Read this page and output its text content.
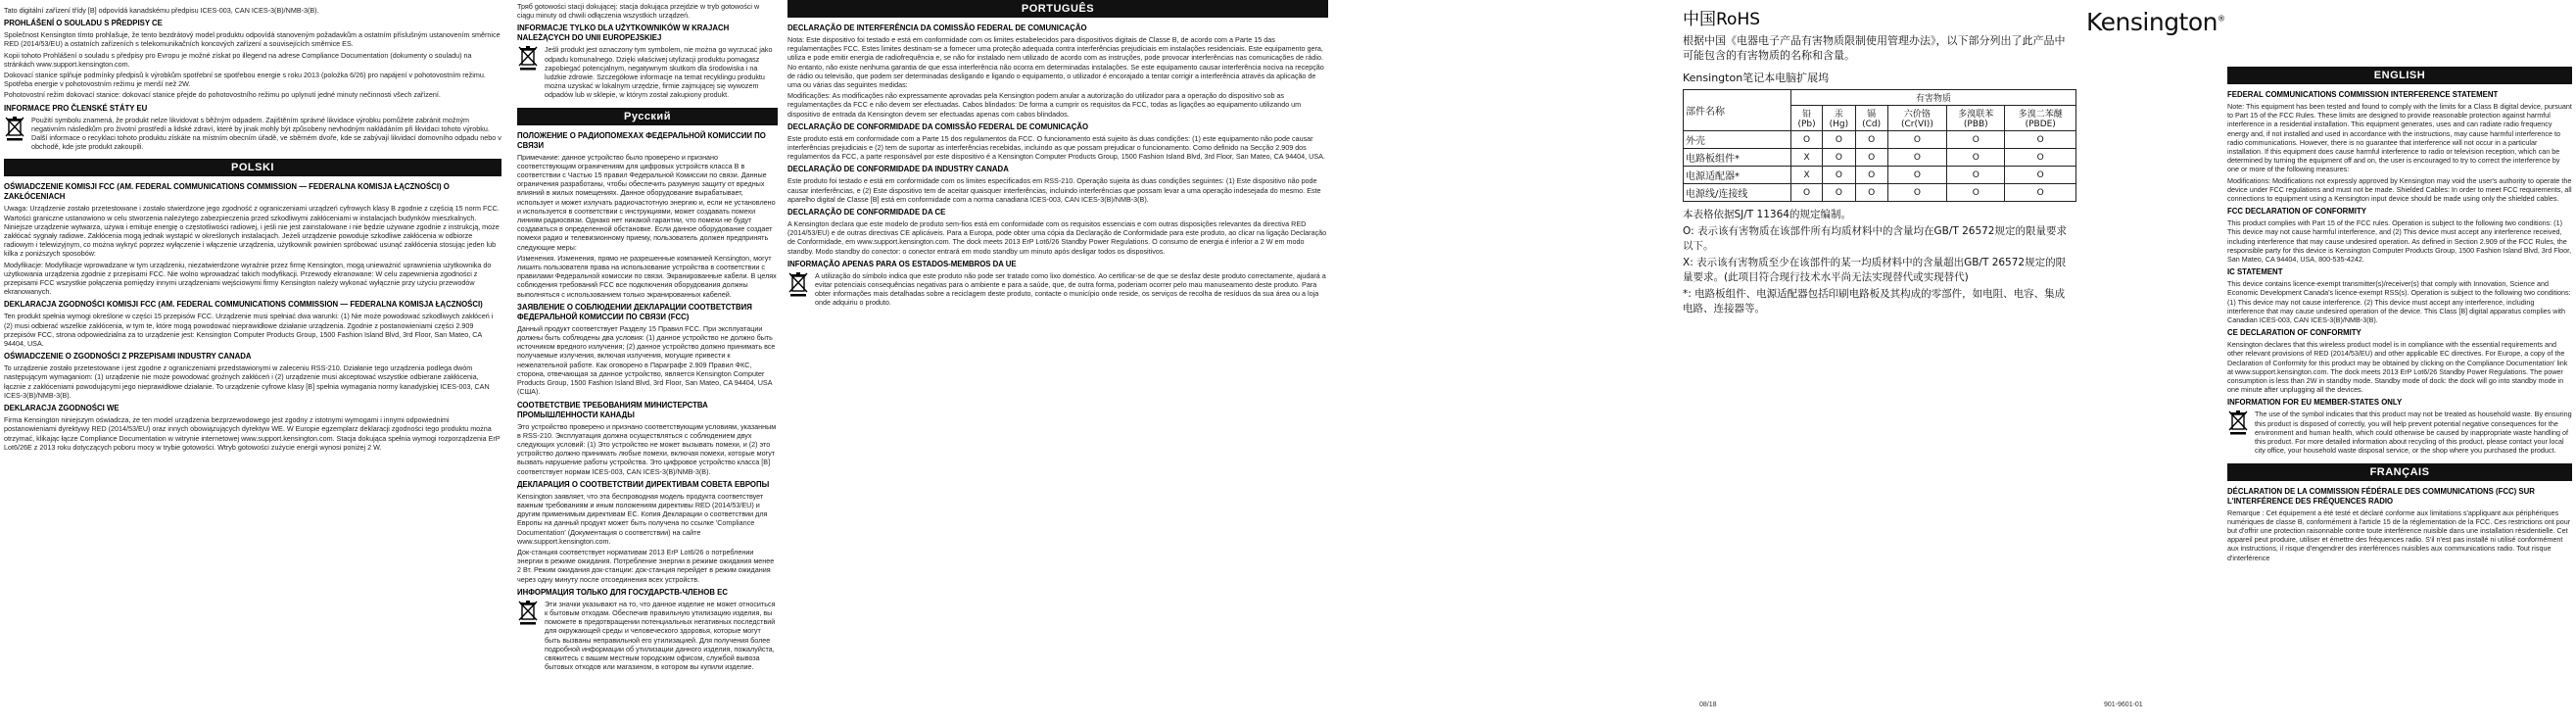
Tato digitální zařízení třídy [B] odpovídá kanadskému předpisu ICES-003, CAN ICES-3(B)/NMB-3(B).

PROHLÁŠENÍ O SOULADU S PŘEDPISY CE

Společnost Kensington tímto prohlašuje, že tento bezdrátový model produktu odpovídá stanoveným požadavkům a ostatním příslušným ustanovením směrnice RED (2014/53/EU) a ostatních zařízeních s telekomunikačních koncových zařízení a souvisejících směrnice ES.

Kopii tohoto Prohlášení o souladu s předpisy pro Evropu je možné získat po illegend na adrese Compliance Documentation (dokumenty o souladu) na stránkách www.support.kensington.com.

Dokovací stanice splňuje podmínky předpisů k výrobkům spotřební se spotřebou energie s roku 2013 (položka 6/26) pro napájení v pohotovostním režimu. Spotřeba energie v pohotovostním režimu je menší než 2W.

Pohotovostní režim dokovací stanice: dokovací stanice přejde do pohotovostního režimu po uplynutí jedné minuty nečinnosti všech zařízení.

INFORMACE PRO ČLENSKÉ STÁTY EU

Použití symbolu znamená, že produkt nelze likvidovat s běžným odpadem. Zajištěním správné likvidace výrobku pomůžete zabránit možným negativním následkům pro životní prostředí a lidské zdraví, které by jinak mohly být způsobeny nevhodným nakládáním při likvidaci tohoto výrobku. Další informace o recyklaci tohoto produktu získáte na místním obecním úřadě, ve sběrném dvoře, kde se zabývají likvidací domovního odpadu nebo v obchodě, kde jste produkt zakoupili.

POLSKI
OŚWIADCZENIE KOMISJI FCC (AM. FEDERAL COMMUNICATIONS COMMISSION — FEDERALNA KOMISJA ŁĄCZNOŚCI) O ZAKŁÓCENIACH

Uwaga: Urządzenie zostało przetestowane i zostało stwierdzone jego zgodność z ograniczeniami urządzeń cyfrowych klasy B zgodnie z częścią 15 norm FCC. Wartości graniczne ustanowiono w celu stworzenia należytego zabezpieczenia przed szkodliwymi zakłóceniami w instalacjach budynków mieszkalnych. Niniejsze urządzenie wytwarza, używa i emituje energię o częstotliwości radiowej, i jeśli nie jest zainstalowane i nie będzie używane zgodnie z instrukcją, może zakłócać sygnały radiowe. Zakłócenia mogą jednak wystąpić w określonych instalacjach. Jeżeli urządzenie powoduje szkodliwe zakłócenia w odbiorze radiowym i telewizyjnym, co można wykryć poprzez wyłączenie i włączenie urządzenia, użytkownik powinien spróbować usunąć zakłócenia stosując jeden lub kilka z poniższych sposobów:

Modyfikacje: Modyfikacje wprowadzane w tym urządzeniu, niezatwierdzone wyraźnie przez firmę Kensington, mogą unieważnić uprawnienia użytkownika do użytkowania urządzenia zgodnie z przepisami FCC. Nie wolno wprowadzać takich modyfikacji. Przewody ekranowane: W celu zapewnienia zgodności z przepisami FCC wszystkie połączenia pomiędzy innymi urządzeniami wejściowymi firmy Kensington należy wykonać wyłącznie przy użyciu przewodów ekranowanych.

DEKLARACJA ZGODNOŚCI KOMISJI FCC (AM. FEDERAL COMMUNICATIONS COMMISSION — FEDERALNA KOMISJA ŁĄCZNOŚCI)

Ten produkt spełnia wymogi określone w części 15 przepisów FCC. Urządzenie musi spełniać dwa warunki: (1) Nie może powodować szkodliwych zakłóceń i (2) musi odbierać wszelkie zakłócenia, w tym te, które mogą powodować nieprawidłowe działanie urządzenia. Zgodnie z postanowieniami części 2.909 przepisów FCC, strona odpowiedzialna za to urządzenie jest: Kensington Computer Products Group, 1500 Fashion Island Blvd, 3rd Floor, San Mateo, CA 94404, USA.

OŚWIADCZENIE O ZGODNOŚCI Z PRZEPISAMI INDUSTRY CANADA

To urządzenie zostało przetestowane i jest zgodne z ograniczeniami przedstawionymi w zaleceniu RSS-210. Działanie tego urządzenia podlega dwóm następującym wymaganiom: (1) urządzenie nie może powodować groźnych zakłóceń i (2) urządzenie musi akceptować wszystkie odbierane zakłócenia, łącznie z zakłóceniami powodującymi jego nieprawidłowe działanie. To urządzenie cyfrowe klasy [B] spełnia wymagania normy kanadyjskiej ICES-003, CAN ICES-3(B)/NMB-3(B).

DEKLARACJA ZGODNOŚCI WE

Firma Kensington niniejszym oświadcza, że ten model urządzenia bezprzewodowego jest zgodny z istotnymi wymogami i innymi odpowiednimi postanowieniami dyrektywy RED (2014/53/EU) oraz innych obowiązujących dyrektyw WE. W Europie egzemplarz deklaracji zgodności tego produktu można otrzymać, klikając łącze Compliance Documentation w witrynie internetowej www.support.kensington.com. Stacja dokująca spełnia wymogi rozporządzenia ErP Lot6/26E z 2013 roku dotyczących poboru mocy w trybie gotowości. Wtryb gotowości zużycie energii wynosi poniżej 2 W.

Тряб gotowości stacji dokującej: stacja dokująca przejdzie w tryb gotowości w ciągu minuty od chwili odłączenia wszystkich urządzeń.

INFORMACJE TYLKO DLA UŻYTKOWNIKÓW W KRAJACH NALEŻĄCYCH DO UNII EUROPEJSKIEJ

Jeśli produkt jest oznaczony tym symbolem, nie można go wyrzucać jako odpadu komunalnego. Dzięki właściwej utylizacji produktu pomagasz zapobiegać potencjalnym, negatywnym skutkom dla środowiska i na ludzkie zdrowie. Szczegółowe informacje na temat recyklingu produktu można uzyskać w lokalnym urzędzie, firmie zajmującej się wywozem odpadów lub w sklepie, w którym został zakupiony produkt.

Русский
ПОЛОЖЕНИЕ О РАДИОПОМЕХАХ ФЕДЕРАЛЬНОЙ КОМИССИИ ПО СВЯЗИ

Примечание: данное устройство было проверено и признано соответствующим ограничениям для цифровых устройств класса B в соответствии с Частью 15 правил Федеральной Комиссии по связи. Данные ограничения разработаны, чтобы обеспечить разумную защиту от вредных влияний в жилых помещениях. Данное оборудование вырабатывает, использует и может излучать радиочастотную энергию и, если не установлено и используется в соответствии с инструкциями, может создавать помехи линиям радиосвязи. Однако нет никакой гарантии, что помехи не будут создаваться в определенной обстановке. Если данное оборудование создает помехи радио и телевизионному приему, пользователь должен предпринять следующие меры:

Изменения. Изменения, прямо не разрешенные компанией Kensington, могут лишить пользователя права на использование устройства в соответствии с правилами Федеральной комиссии по связи. Экранированные кабели. В целях соблюдения требований FCC все подключения оборудования должны выполняться с использованием только экранированных кабелей.

ЗАЯВЛЕНИЕ О СОБЛЮДЕНИИ ДЕКЛАРАЦИИ СООТВЕТСТВИЯ ФЕДЕРАЛЬНОЙ КОМИССИИ ПО СВЯЗИ (FCC)

Данный продукт соответствует Разделу 15 Правил FCC. При эксплуатации должны быть соблюдены два условия: (1) данное устройство не должно быть источником вредного излучения; (2) данное устройство должно принимать все получаемые излучения, включая излучения, могущие привести к нежелательной работе. Как оговорено в Параграфе 2.909 Правил ФКС, сторона, отвечающая за данное устройство, является Kensington Computer Products Group, 1500 Fashion Island Blvd, 3rd Floor, San Mateo, CA 94404, USA (США).

СООТВЕТСТВИЕ ТРЕБОВАНИЯМ МИНИСТЕРСТВА ПРОМЫШЛЕННОСТИ КАНАДЫ

Это устройство проверено и признано соответствующим условиям, указанным в RSS-210. Эксплуатация должна осуществляться с соблюдением двух следующих условий: (1) Это устройство не может вызывать помехи, и (2) это устройство должно принимать любые помехи, включая помехи, которые могут вызвать нарушение работы устройства. Это цифровое устройство класса [B] соответствует нормам ICES-003, CAN ICES-3(B)/NMB-3(B).

ДЕКЛАРАЦИЯ О СООТВЕТСТВИИ ДИРЕКТИВАМ СОВЕТА ЕВРОПЫ

Kensington заявляет, что эта беспроводная модель продукта соответствует важным требованиям и иным положениям директивы RED (2014/53/EU) и другим применимым директивам ЕС. Копия Декларации о соответствии для Европы на данный продукт может быть получена по ссылке 'Compliance Documentation' (Документация о соответствии) на сайте www.support.kensington.com.

Док-станция соответствует нормативам 2013 ErP Lot6/26 о потреблении энергии в режиме ожидания. Потребление энергии в режиме ожидания менее 2 Вт. Режим ожидания док-станции: док-станция перейдет в режим ожидания через одну минуту после отсоединения всех устройств.

ИНФОРМАЦИЯ ТОЛЬКО ДЛЯ ГОСУДАРСТВ-ЧЛЕНОВ ЕС

Эти значки указывают на то, что данное изделие не может относиться к бытовым отходам. Обеспечив правильную утилизацию изделия, вы поможете в предотвращении потенциальных негативных последствий для окружающей среды и человеческого здоровья, которые могут быть вызваны неправильной его утилизацией. Для получения более подробной информации об утилизации данного изделия, пожалуйста, свяжитесь с вашим местным городским офисом, службой вывоза бытовых отходов или магазином, в котором вы купили изделие.

PORTUGUÊS
DECLARAÇÃO DE INTERFERÊNCIA DA COMISSÃO FEDERAL DE COMUNICAÇÃO

Nota: Este dispositivo foi testado e está em conformidade com os limites estabelecidos para dispositivos digitais de Classe B, de acordo com a Parte 15 das regulamentações FCC. Estes limites destinam-se a fornecer uma proteção adequada contra interferências prejudiciais em instalações residenciais. Este equipamento gera, utiliza e pode emitir energia de radiofrequência e, se não for instalado nem utilizado de acordo com as instruções, pode provocar interferências nas comunicações de rádio. No entanto, não existe nenhuma garantia de que essa interferência não ocorra em determinadas instalações. Se este equipamento causar interferência nociva na recepção de rádio ou televisão, que podem ser determinadas desligando e ligando o equipamento, o utilizador é encorajado a tentar corrigir a interferência através da aplicação de uma ou várias das seguintes medidas:

Modificações: As modificações não expressamente aprovadas pela Kensington podem anular a autorização do utilizador para a operação do dispositivo sob as regulamentações da FCC e não devem ser efectuadas. Cabos blindados: De forma a cumprir os requisitos da FCC, todas as ligações ao equipamento utilizando um dispositivo de entrada da Kensington devem ser efectuadas apenas com cabos blindados.

DECLARAÇÃO DE CONFORMIDADE DA COMISSÃO FEDERAL DE COMUNICAÇÃO

Este produto está em conformidade com a Parte 15 dos regulamentos da FCC. O funcionamento está sujeito às duas condições: (1) este equipamento não pode causar interferências prejudiciais e (2) tem de suportar as interferências recebidas, incluindo as que possam prejudicar o funcionamento. Como definido na Secção 2.909 dos regulamentos da FCC, a parte responsável por este dispositivo é a Kensington Computer Products Group, 1500 Fashion Island Blvd, 3rd Floor, San Mateo, CA 94404, USA.

DECLARAÇÃO DE CONFORMIDADE DA INDUSTRY CANADA

Este produto foi testado e está em conformidade com os limites especificados em RSS-210. Operação sujeita às duas condições seguintes: (1) Este dispositivo não pode causar interferências, e (2) Este dispositivo tem de aceitar quaisquer interferências, incluindo interferências que possam levar a uma operação indesejada do mesmo. Este aparelho digital de Classe [B] está em conformidade com a norma canadiana ICES-003, CAN ICES-3(B)/NMB-3(B).

DECLARAÇÃO DE CONFORMIDADE DA CE

A Kensington declara que este modelo de produto sem-fios está em conformidade com os requisitos essenciais e com outras disposições relevantes da directiva RED (2014/53/EU) e de outras directivas CE aplicáveis. Para a Europa, pode obter uma cópia da Declaração de Conformidade para este produto, ao clicar na ligação Declaração de Conformidade, em www.support.kensington.com. The dock meets 2013 ErP Lot6/26 Standby Power Regulations. O consumo de energia é inferior a 2 W em modo standby. Modo standby do conector: o conector entrará em modo standby um minuto após desligar todos os dispositivos.

INFORMAÇÃO APENAS PARA OS ESTADOS-MEMBROS DA UE

A utilização do símbolo indica que este produto não pode ser tratado como lixo doméstico. Ao certificar-se de que se desfaz deste produto correctamente, ajudará a evitar potenciais consequências negativas para o ambiente e para a saúde, que, de outra forma, poderiam ocorrer pelo mau manuseamento deste produto. Para obter informações mais detalhadas sobre a reciclagem deste produto, contacte o município onde reside, os serviços de recolha de resíduos da sua área ou a loja onde adquiriu o produto.

中国RoHS
根据中国《电器电子产品有害物质限制使用管理办法》，以下部分列出了此产品中可能包含的有害物质的名称和含量。
Kensington笔记本电脑扩展坞
部件名称	有害物质					
	铅 (Pb)	汞 (Hg)	镉 (Cd)	六价铬 (Cr(VI))	多溴联苯 (PBB)	多溴二苯醚 (PBDE)
外壳	O	O	O	O	O	O
电路板组件*	X	O	O	O	O	O
电源适配器*	X	O	O	O	O	O
电源线/连接线	O	O	O	O	O	O

本表格依据SJ/T 11364的规定编制。

O: 表示该有害物质在该部件所有均质材料中的含量均在GB/T 26572规定的限量要求以下。

X: 表示该有害物质至少在该部件的某一均质材料中的含量超出GB/T 26572规定的限量要求。(此项目符合现行技术水平尚无法实现替代或实现替代)

*: 电路板组件、电源适配器包括印刷电路板及其构成的零部件，如电阻、电容、集成电路、连接器等。

Kensington®
ENGLISH
FEDERAL COMMUNICATIONS COMMISSION INTERFERENCE STATEMENT

Note: This equipment has been tested and found to comply with the limits for a Class B digital device, pursuant to Part 15 of the FCC Rules. These limits are designed to provide reasonable protection against harmful interference in a residential installation. This equipment generates, uses and can radiate radio frequency energy and, if not installed and used in accordance with the instructions, may cause harmful interference to radio communications. However, there is no guarantee that interference will not occur in a particular installation. If this equipment does cause harmful interference to radio or television reception, which can be determined by turning the equipment off and on, the user is encouraged to try to correct the interference by one or more of the following measures:

Modifications: Modifications not expressly approved by Kensington may void the user's authority to operate the device under FCC regulations and must not be made. Shielded Cables: In order to meet FCC requirements, all connections to equipment using a Kensington input device should be made using only the shielded cables.

FCC DECLARATION OF CONFORMITY

This product complies with Part 15 of the FCC rules. Operation is subject to the following two conditions: (1) This device may not cause harmful interference, and (2) This device must accept any interference received, including interference that may cause undesired operation. As defined in Section 2.909 of the FCC Rules, the responsible party for this device is Kensington Computer Products Group, 1500 Fashion Island Blvd, 3rd Floor, San Mateo, CA 94404, USA, 800-535-4242.

IC STATEMENT

This device contains licence-exempt transmitter(s)/receiver(s) that comply with Innovation, Science and Economic Development Canada's licence-exempt RSS(s). Operation is subject to the following two conditions: (1) This device may not cause interference. (2) This device must accept any interference, including interference that may cause undesired operation of the device. This Class [B] digital apparatus complies with Canadian ICES-003, CAN ICES-3(B)/NMB-3(B).

CE DECLARATION OF CONFORMITY

Kensington declares that this wireless product model is in compliance with the essential requirements and other relevant provisions of RED (2014/53/EU) and other applicable EC directives. For Europe, a copy of the Declaration of Conformity for this product may be obtained by clicking on the Compliance Documentation' link at www.support.kensington.com. The dock meets 2013 ErP Lot6/26 Standby Power Regulations. The power consumption is less than 2W in standby mode. Standby mode of dock: the dock will go into standby mode in one minute after unplugging all the devices.

INFORMATION FOR EU MEMBER-STATES ONLY

The use of the symbol indicates that this product may not be treated as household waste. By ensuring this product is disposed of correctly, you will help prevent potential negative consequences for the environment and human health, which could otherwise be caused by inappropriate waste handling of this product. For more detailed information about recycling of this product, please contact your local city office, your household waste disposal service, or the shop where you purchased the product.

FRANÇAIS
DÉCLARATION DE LA COMMISSION FÉDÉRALE DES COMMUNICATIONS (FCC) SUR L'INTERFÉRENCE DES FRÉQUENCES RADIO

Remarque : Cet équipement a été testé et déclaré conforme aux limitations s'appliquant aux périphériques numériques de classe B, conformément à l'article 15 de la réglementation de la FCC. Ces restrictions ont pour but d'offrir une protection raisonnable contre toute interférence nuisible dans une installation résidentielle. Cet appareil peut produire, utiliser et émettre des fréquences radio. S'il n'est pas installé ni utilisé conformément aux instructions, il risque d'engendrer des interférences nuisibles aux communications radio. Tout risque d'interférence

08/18	901-9601-01
